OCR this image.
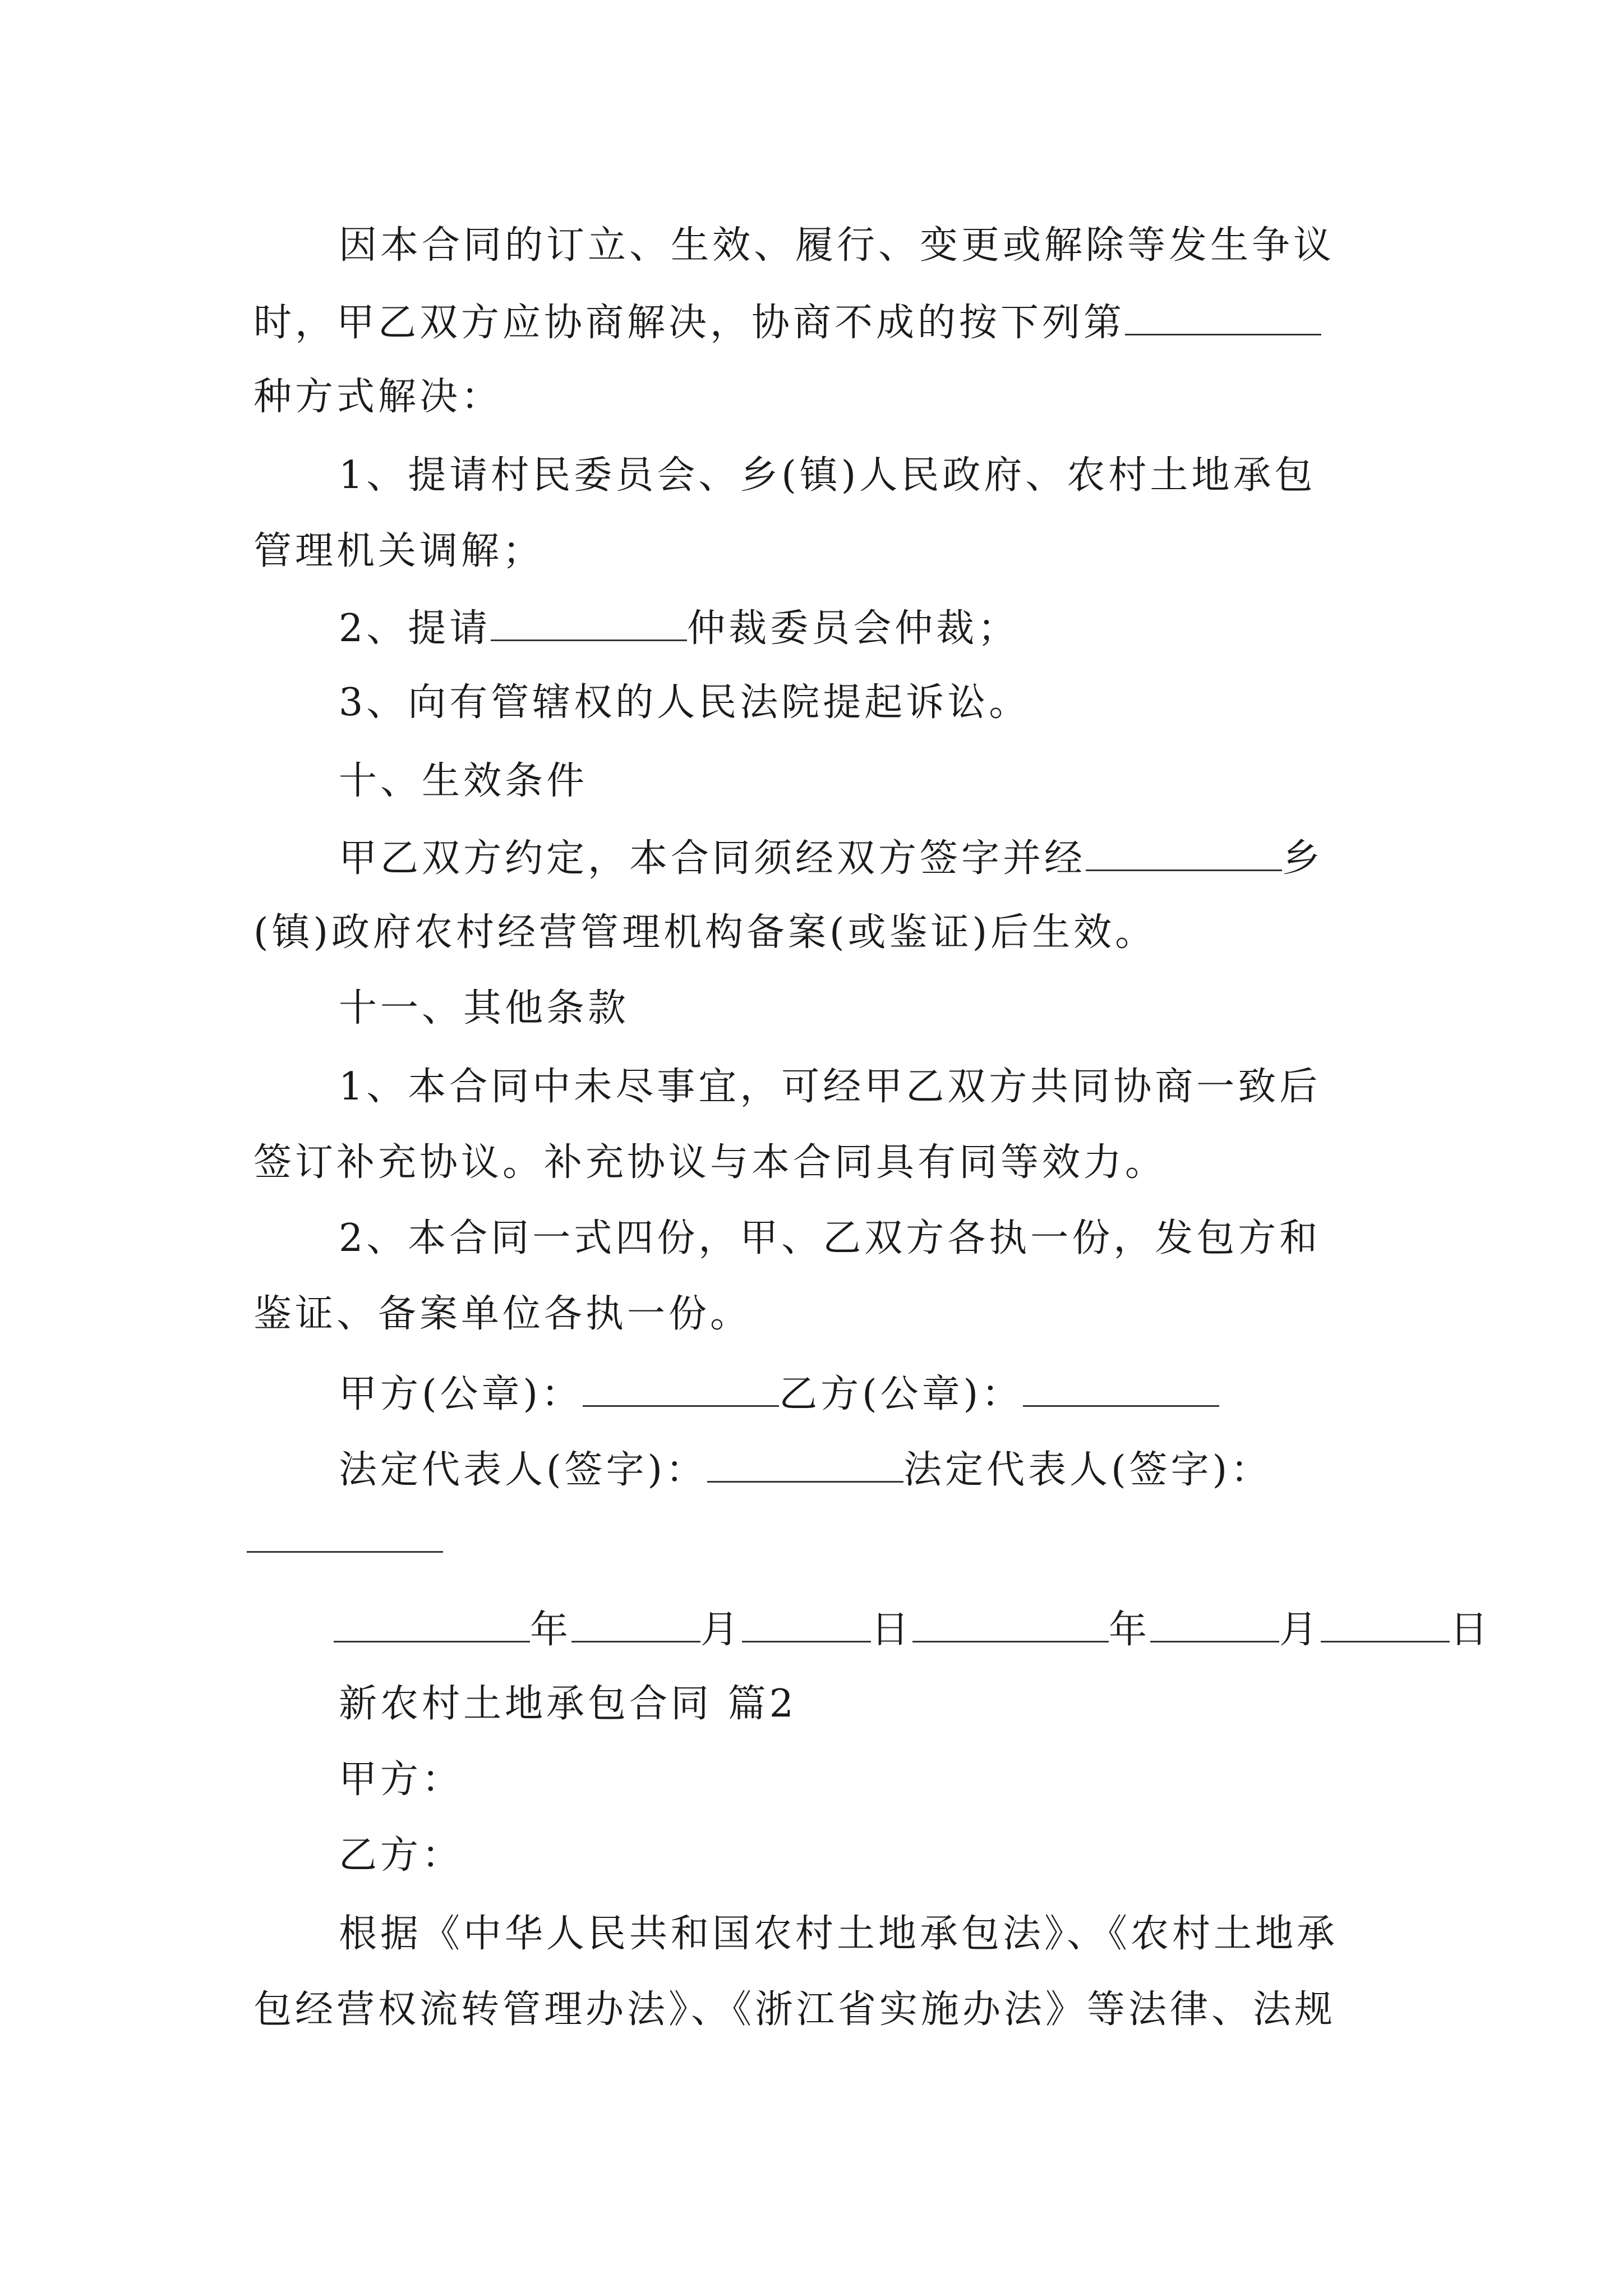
因本合同的订立、生效、履行、变更或解除等发生争议
时，甲乙双方应协商解决，协商不成的按下列第
种方式解决：
1、提请村民委员会、乡(镇)人民政府、农村土地承包
管理机关调解；
2、提请	仲裁委员会仲裁；
3、向有管辖权的人民法院提起诉讼。
十、生效条件
甲乙双方约定，本合同须经双方签字并经	乡
(镇)政府农村经营管理机构备案(或鉴证)后生效。
十一、其他条款
1、本合同中未尽事宜，可经甲乙双方共同协商一致后
签订补充协议。补充协议与本合同具有同等效力。
2、本合同一式四份，甲、乙双方各执一份，发包方和
鉴证、备案单位各执一份。
甲方(公章)：	乙方(公章)：
法定代表人(签字)：	法定代表人(签字)：
年	月	日	年	月	日
新农村土地承包合同 篇2
甲方：
乙方：
根据《中华人民共和国农村土地承包法》、《农村土地承
包经营权流转管理办法》、《浙江省实施办法》等法律、法规
